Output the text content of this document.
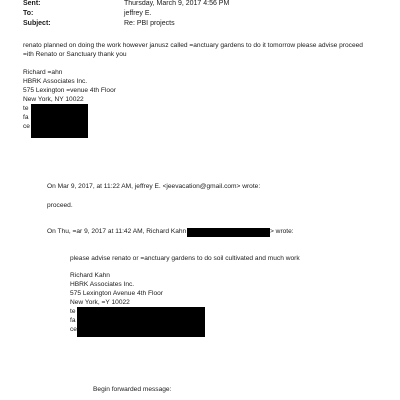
Sent:	Thursday, March 9, 2017 4:56 PM
To:	jeffrey E.
Subject:	Re: PBI projects
renato planned on doing the work however janusz called =anctuary gardens to do it tomorrow please advise proceed
=ith Renato or Sanctuary thank you
Richard =ahn
HBRK Associates Inc.
575 Lexington =venue 4th Floor
New York, NY 10022
te
fa
ce
On Mar 9, 2017, at 11:22 AM, jeffrey E. <jeevacation@gmail.com> wrote:
proceed.
On Thu, =ar 9, 2017 at 11:42 AM, Richard Kahn	> wrote:
please advise renato or =anctuary gardens to do soil cultivated and much work
Richard Kahn
HBRK Associates Inc.
575 Lexington Avenue 4th Floor
New York, =Y 10022
te
fa
ce
Begin forwarded message:
